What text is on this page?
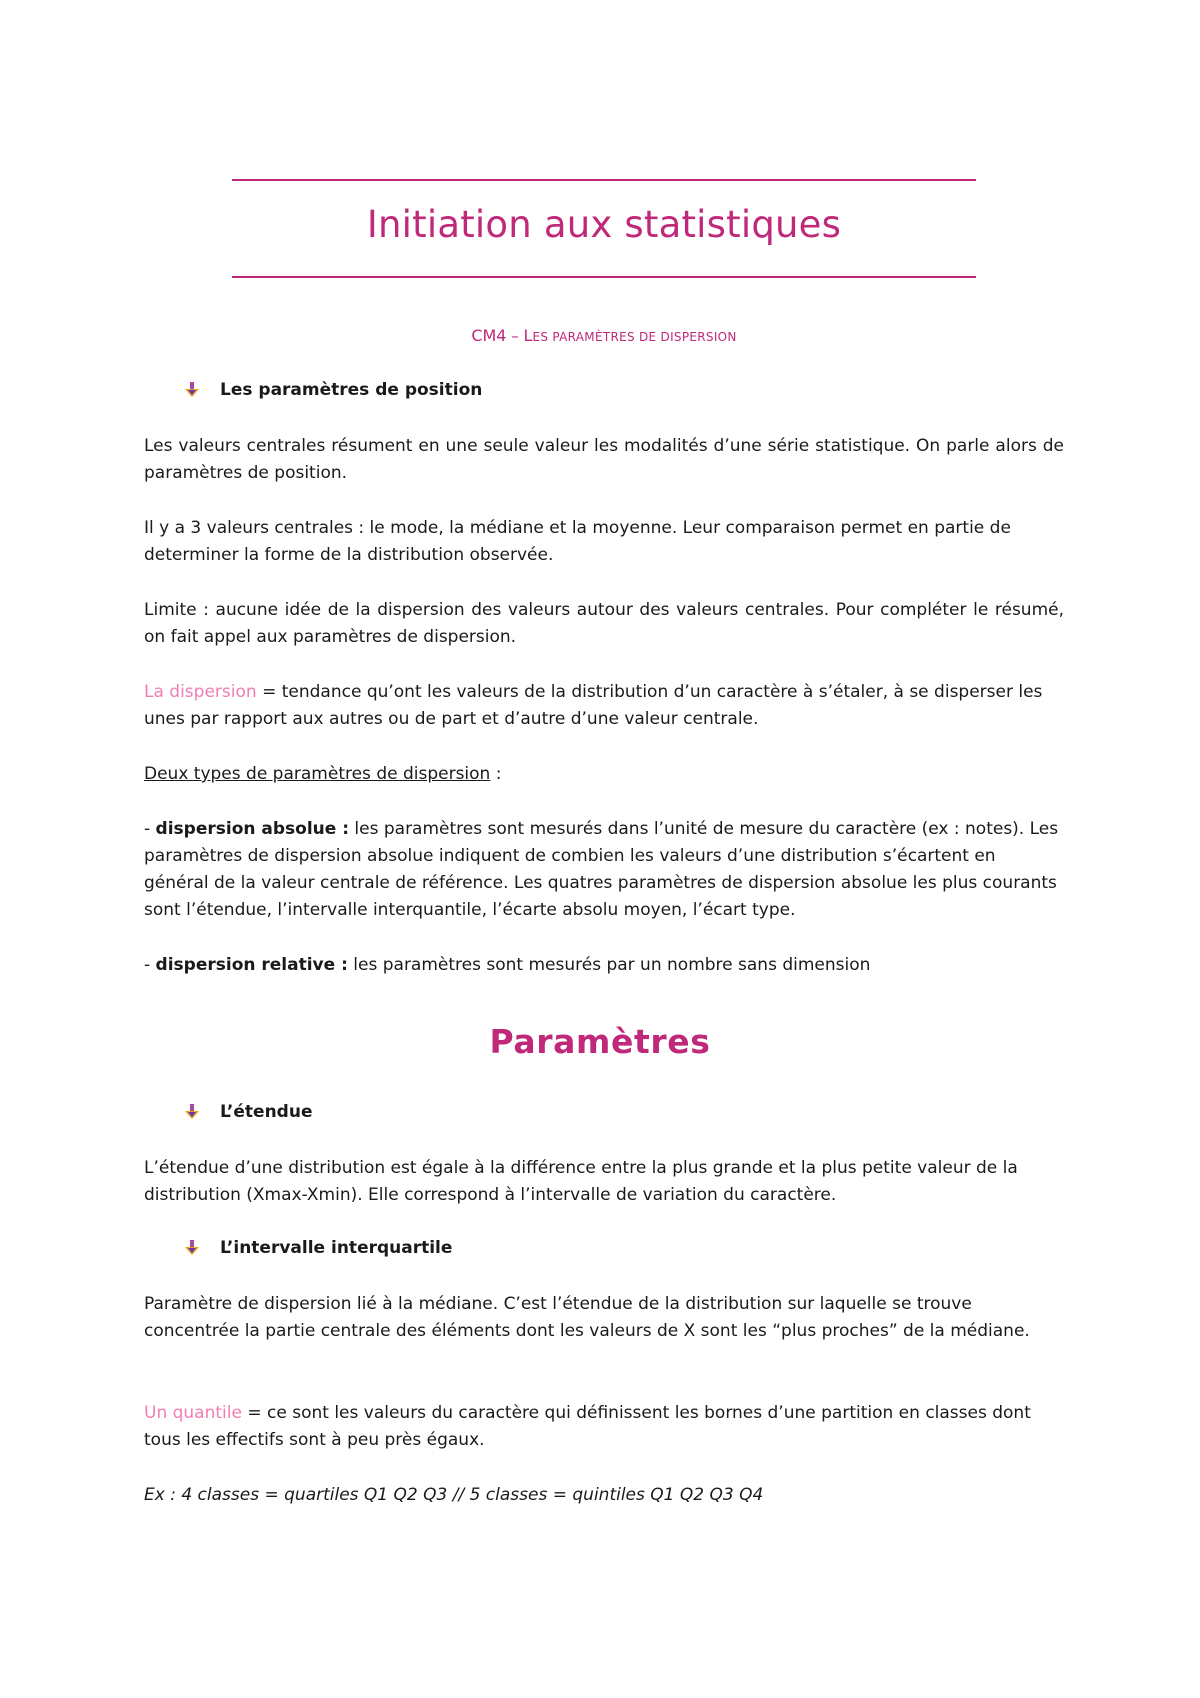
Initiation aux statistiques
CM4 – LES PARAMÈTRES DE DISPERSION
Les paramètres de position

Les valeurs centrales résument en une seule valeur les modalités d’une série statistique. On parle alors de paramètres de position.

Il y a 3 valeurs centrales : le mode, la médiane et la moyenne. Leur comparaison permet en partie de determiner la forme de la distribution observée.

Limite : aucune idée de la dispersion des valeurs autour des valeurs centrales. Pour compléter le résumé, on fait appel aux paramètres de dispersion.

La dispersion = tendance qu’ont les valeurs de la distribution d’un caractère à s’étaler, à se disperser les unes par rapport aux autres ou de part et d’autre d’une valeur centrale.

Deux types de paramètres de dispersion :

- dispersion absolue : les paramètres sont mesurés dans l’unité de mesure du caractère (ex : notes). Les paramètres de dispersion absolue indiquent de combien les valeurs d’une distribution s’écartent en général de la valeur centrale de référence. Les quatres paramètres de dispersion absolue les plus courants sont l’étendue, l’intervalle interquantile, l’écarte absolu moyen, l’écart type.

- dispersion relative : les paramètres sont mesurés par un nombre sans dimension

Paramètres
L’étendue

L’étendue d’une distribution est égale à la différence entre la plus grande et la plus petite valeur de la distribution (Xmax-Xmin). Elle correspond à l’intervalle de variation du caractère.

L’intervalle interquartile

Paramètre de dispersion lié à la médiane. C’est l’étendue de la distribution sur laquelle se trouve concentrée la partie centrale des éléments dont les valeurs de X sont les “plus proches” de la médiane.

Un quantile = ce sont les valeurs du caractère qui définissent les bornes d’une partition en classes dont tous les effectifs sont à peu près égaux.

Ex : 4 classes = quartiles Q1 Q2 Q3 // 5 classes = quintiles Q1 Q2 Q3 Q4
